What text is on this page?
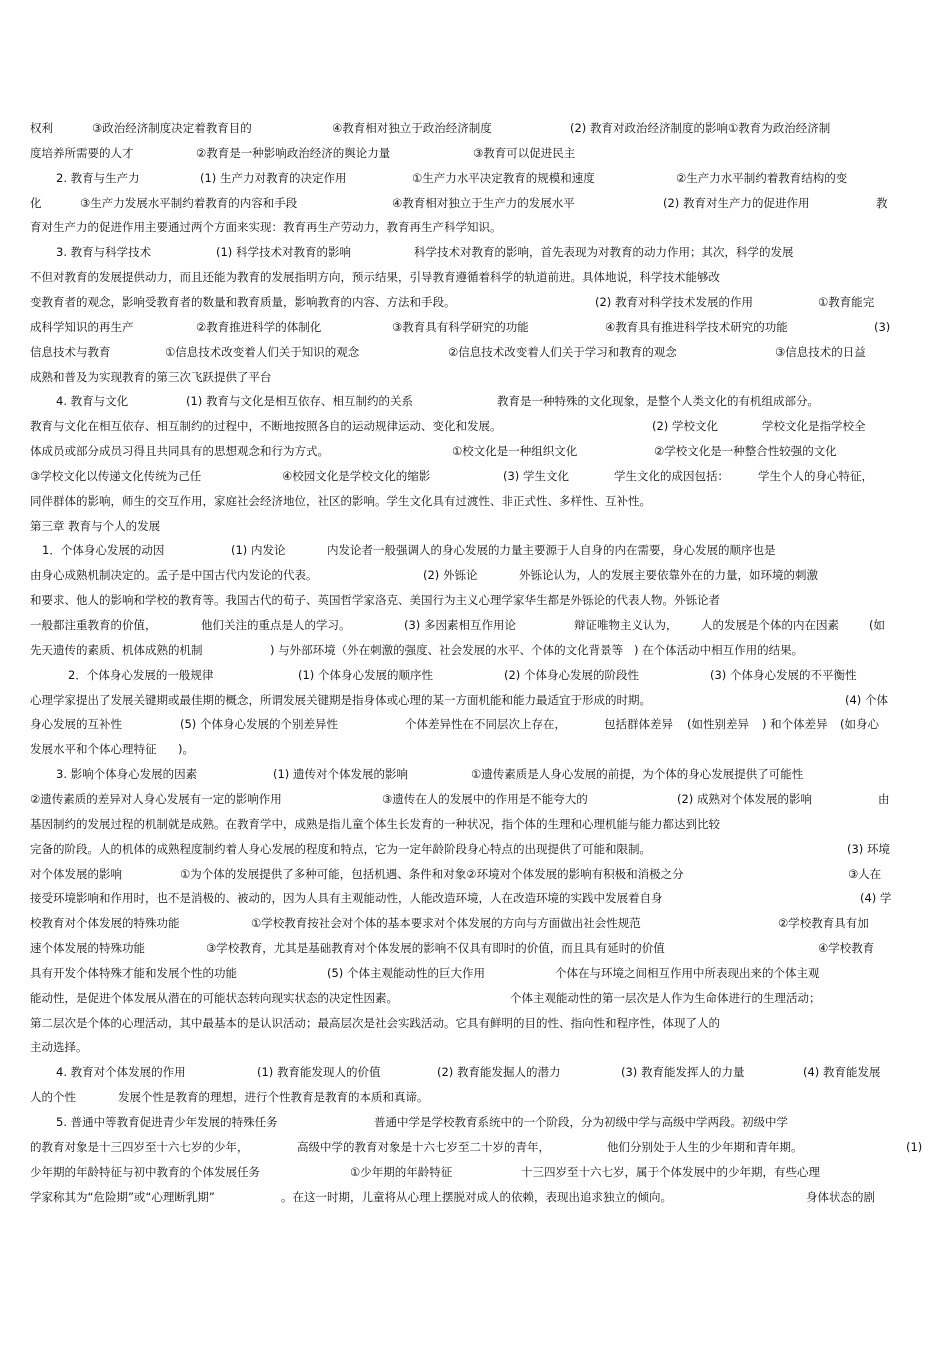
权利	③政治经济制度决定着教育目的	④教育相对独立于政治经济制度	(2) 教育对政治经济制度的影响①教育为政治经济制
度培养所需要的人才	②教育是一种影响政治经济的舆论力量	③教育可以促进民主
2. 教育与生产力	(1) 生产力对教育的决定作用	①生产力水平决定教育的规模和速度	②生产力水平制约着教育结构的变
化	③生产力发展水平制约着教育的内容和手段	④教育相对独立于生产力的发展水平	(2) 教育对生产力的促进作用	教
育对生产力的促进作用主要通过两个方面来实现：教育再生产劳动力，教育再生产科学知识。
3. 教育与科学技术	(1) 科学技术对教育的影响	科学技术对教育的影响，首先表现为对教育的动力作用；其次，科学的发展
不但对教育的发展提供动力，而且还能为教育的发展指明方向，预示结果，引导教育遵循着科学的轨道前进。具体地说，科学技术能够改
变教育者的观念，影响受教育者的数量和教育质量，影响教育的内容、方法和手段。	(2) 教育对科学技术发展的作用	①教育能完
成科学知识的再生产	②教育推进科学的体制化	③教育具有科学研究的功能	④教育具有推进科学技术研究的功能	(3)
信息技术与教育	①信息技术改变着人们关于知识的观念	②信息技术改变着人们关于学习和教育的观念	③信息技术的日益
成熟和普及为实现教育的第三次飞跃提供了平台
4. 教育与文化	(1) 教育与文化是相互依存、相互制约的关系	教育是一种特殊的文化现象，是整个人类文化的有机组成部分。
教育与文化在相互依存、相互制约的过程中，不断地按照各自的运动规律运动、变化和发展。	(2) 学校文化	学校文化是指学校全
体成员或部分成员习得且共同具有的思想观念和行为方式。	①校文化是一种组织文化	②学校文化是一种整合性较强的文化
③学校文化以传递文化传统为己任	④校园文化是学校文化的缩影	(3) 学生文化	学生文化的成因包括：	学生个人的身心特征，
同伴群体的影响，师生的交互作用，家庭社会经济地位，社区的影响。学生文化具有过渡性、非正式性、多样性、互补性。
第三章 教育与个人的发展
1．个体身心发展的动因	(1) 内发论	内发论者一般强调人的身心发展的力量主要源于人自身的内在需要，身心发展的顺序也是
由身心成熟机制决定的。孟子是中国古代内发论的代表。	(2) 外铄论	外铄论认为，人的发展主要依靠外在的力量，如环境的刺激
和要求、他人的影响和学校的教育等。我国古代的荀子、英国哲学家洛克、美国行为主义心理学家华生都是外铄论的代表人物。外铄论者
一般都注重教育的价值，	他们关注的重点是人的学习。	(3) 多因素相互作用论	辩证唯物主义认为， 人的发展是个体的内在因素	(如
先天遗传的素质、机体成熟的机制	) 与外部环境（外在刺激的强度、社会发展的水平、个体的文化背景等 ) 在个体活动中相互作用的结果。
2．个体身心发展的一般规律	(1) 个体身心发展的顺序性	(2) 个体身心发展的阶段性	(3) 个体身心发展的不平衡性
心理学家提出了发展关键期或最佳期的概念，所谓发展关键期是指身体或心理的某一方面机能和能力最适宜于形成的时期。	(4) 个体
身心发展的互补性	(5) 个体身心发展的个别差异性	个体差异性在不同层次上存在，	包括群体差异 (如性别差异 ) 和个体差异 (如身心
发展水平和个体心理特征 )。
3. 影响个体身心发展的因素	(1) 遗传对个体发展的影响	①遗传素质是人身心发展的前提，为个体的身心发展提供了可能性
②遗传素质的差异对人身心发展有一定的影响作用	③遗传在人的发展中的作用是不能夸大的	(2) 成熟对个体发展的影响	由
基因制约的发展过程的机制就是成熟。在教育学中，成熟是指儿童个体生长发育的一种状况，指个体的生理和心理机能与能力都达到比较
完备的阶段。人的机体的成熟程度制约着人身心发展的程度和特点，它为一定年龄阶段身心特点的出现提供了可能和限制。	(3) 环境
对个体发展的影响	①为个体的发展提供了多种可能，包括机遇、条件和对象②环境对个体发展的影响有积极和消极之分	③人在
接受环境影响和作用时，也不是消极的、被动的，因为人具有主观能动性，人能改造环境，人在改造环境的实践中发展着自身	(4) 学
校教育对个体发展的特殊功能	①学校教育按社会对个体的基本要求对个体发展的方向与方面做出社会性规范	②学校教育具有加
速个体发展的特殊功能	③学校教育，尤其是基础教育对个体发展的影响不仅具有即时的价值，而且具有延时的价值	④学校教育
具有开发个体特殊才能和发展个性的功能	(5) 个体主观能动性的巨大作用	个体在与环境之间相互作用中所表现出来的个体主观
能动性，是促进个体发展从潜在的可能状态转向现实状态的决定性因素。	个体主观能动性的第一层次是人作为生命体进行的生理活动；
第二层次是个体的心理活动，其中最基本的是认识活动；最高层次是社会实践活动。它具有鲜明的目的性、指向性和程序性，体现了人的
主动选择。
4. 教育对个体发展的作用	(1) 教育能发现人的价值	(2) 教育能发掘人的潜力	(3) 教育能发挥人的力量	(4) 教育能发展
人的个性	发展个性是教育的理想，进行个性教育是教育的本质和真谛。
5. 普通中等教育促进青少年发展的特殊任务	普通中学是学校教育系统中的一个阶段，分为初级中学与高级中学两段。初级中学
的教育对象是十三四岁至十六七岁的少年，	高级中学的教育对象是十六七岁至二十岁的青年，	他们分别处于人生的少年期和青年期。	(1)
少年期的年龄特征与初中教育的个体发展任务	①少年期的年龄特征	十三四岁至十六七岁，属于个体发展中的少年期，有些心理
学家称其为“危险期”或“心理断乳期”	。在这一时期，儿童将从心理上摆脱对成人的依赖，表现出追求独立的倾向。	身体状态的剧
